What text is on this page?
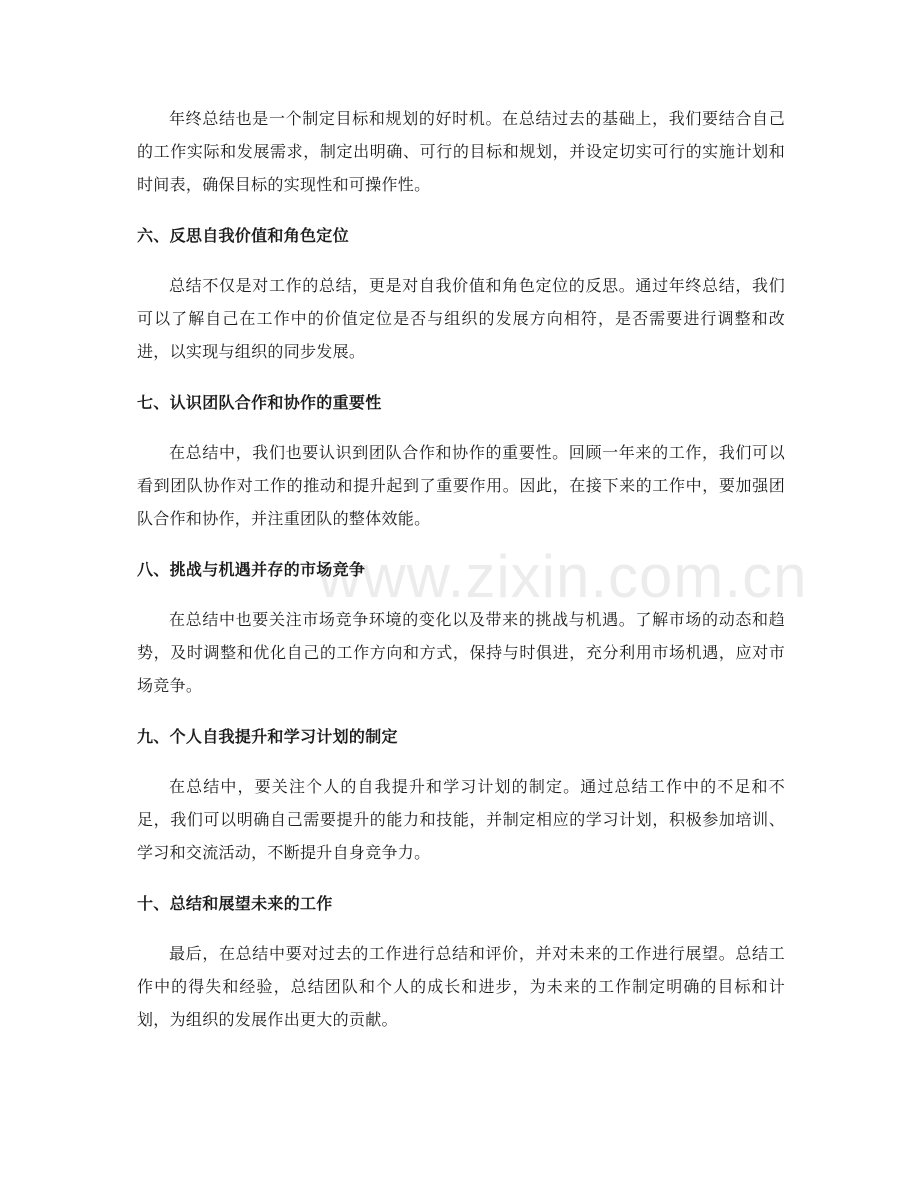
年终总结也是一个制定目标和规划的好时机。在总结过去的基础上，我们要结合自己的工作实际和发展需求，制定出明确、可行的目标和规划，并设定切实可行的实施计划和时间表，确保目标的实现性和可操作性。

六、反思自我价值和角色定位

总结不仅是对工作的总结，更是对自我价值和角色定位的反思。通过年终总结，我们可以了解自己在工作中的价值定位是否与组织的发展方向相符，是否需要进行调整和改进，以实现与组织的同步发展。

七、认识团队合作和协作的重要性

在总结中，我们也要认识到团队合作和协作的重要性。回顾一年来的工作，我们可以看到团队协作对工作的推动和提升起到了重要作用。因此，在接下来的工作中，要加强团队合作和协作，并注重团队的整体效能。

八、挑战与机遇并存的市场竞争

在总结中也要关注市场竞争环境的变化以及带来的挑战与机遇。了解市场的动态和趋势，及时调整和优化自己的工作方向和方式，保持与时俱进，充分利用市场机遇，应对市场竞争。

九、个人自我提升和学习计划的制定

在总结中，要关注个人的自我提升和学习计划的制定。通过总结工作中的不足和不足，我们可以明确自己需要提升的能力和技能，并制定相应的学习计划，积极参加培训、学习和交流活动，不断提升自身竞争力。

十、总结和展望未来的工作

最后，在总结中要对过去的工作进行总结和评价，并对未来的工作进行展望。总结工作中的得失和经验，总结团队和个人的成长和进步，为未来的工作制定明确的目标和计划，为组织的发展作出更大的贡献。

www.zixin.com.cn
